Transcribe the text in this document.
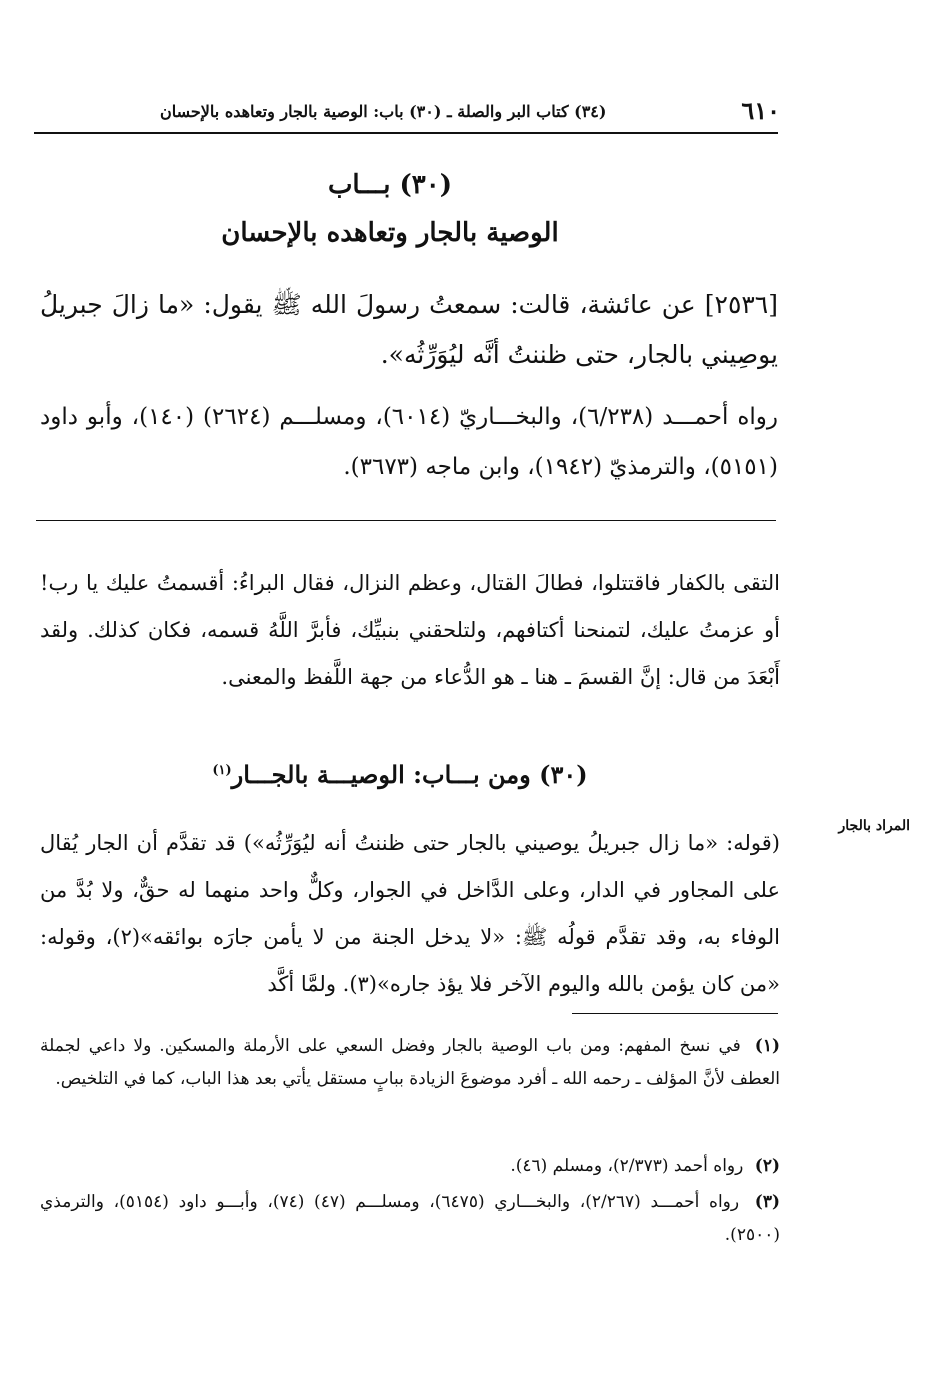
٦١٠
(٣٤) كتاب البر والصلة ـ (٣٠) باب: الوصية بالجار وتعاهده بالإحسان
(٣٠) بـــاب
الوصية بالجار وتعاهده بالإحسان
[٢٥٣٦] عن عائشة، قالت: سمعتُ رسولَ الله ﷺ يقول: «ما زالَ جبريلُ يوصِيني بالجار، حتى ظننتُ أنَّه ليُوَرِّثُه».
رواه أحمـــد (٦/٢٣٨)، والبخـــاريّ (٦٠١٤)، ومسلـــم (٢٦٢٤) (١٤٠)، وأبو داود (٥١٥١)، والترمذيّ (١٩٤٢)، وابن ماجه (٣٦٧٣).
التقى بالكفار فاقتتلوا، فطالَ القتال، وعظم النزال، فقال البراءُ: أقسمتُ عليك يا رب! أو عزمتُ عليك، لتمنحنا أكتافهم، ولتلحقني بنبيِّك، فأبرَّ اللَّهُ قسمه، فكان كذلك. ولقد أَبْعَدَ من قال: إنَّ القسمَ ـ هنا ـ هو الدُّعاء من جهة اللَّفظ والمعنى.
(٣٠) ومن بـــاب: الوصيـــة بالجـــار$^{(١)}$
المراد بالجار
(قوله: «ما زال جبريلُ يوصيني بالجار حتى ظننتُ أنه ليُوَرِّثُه») قد تقدَّم أن الجار يُقال على المجاور في الدار، وعلى الدَّاخل في الجوار، وكلٌّ واحد منهما له حقٌّ، ولا بُدَّ من الوفاء به، وقد تقدَّم قولُه ﷺ: «لا يدخل الجنة من لا يأمن جارَه بوائقه»(٢)، وقوله: «من كان يؤمن بالله واليوم الآخر فلا يؤذ جاره»(٣). ولمَّا أكَّد
(١) في نسخ المفهم: ومن باب الوصية بالجار وفضل السعي على الأرملة والمسكين. ولا داعي لجملة العطف لأنَّ المؤلف ـ رحمه الله ـ أفرد موضوعَ الزيادة ببابٍ مستقل يأتي بعد هذا الباب، كما في التلخيص.
(٢) رواه أحمد (٢/٣٧٣)، ومسلم (٤٦).
(٣) رواه أحمـــد (٢/٢٦٧)، والبخـــاري (٦٤٧٥)، ومسلـــم (٤٧) (٧٤)، وأبـــو داود (٥١٥٤)، والترمذي (٢٥٠٠).
